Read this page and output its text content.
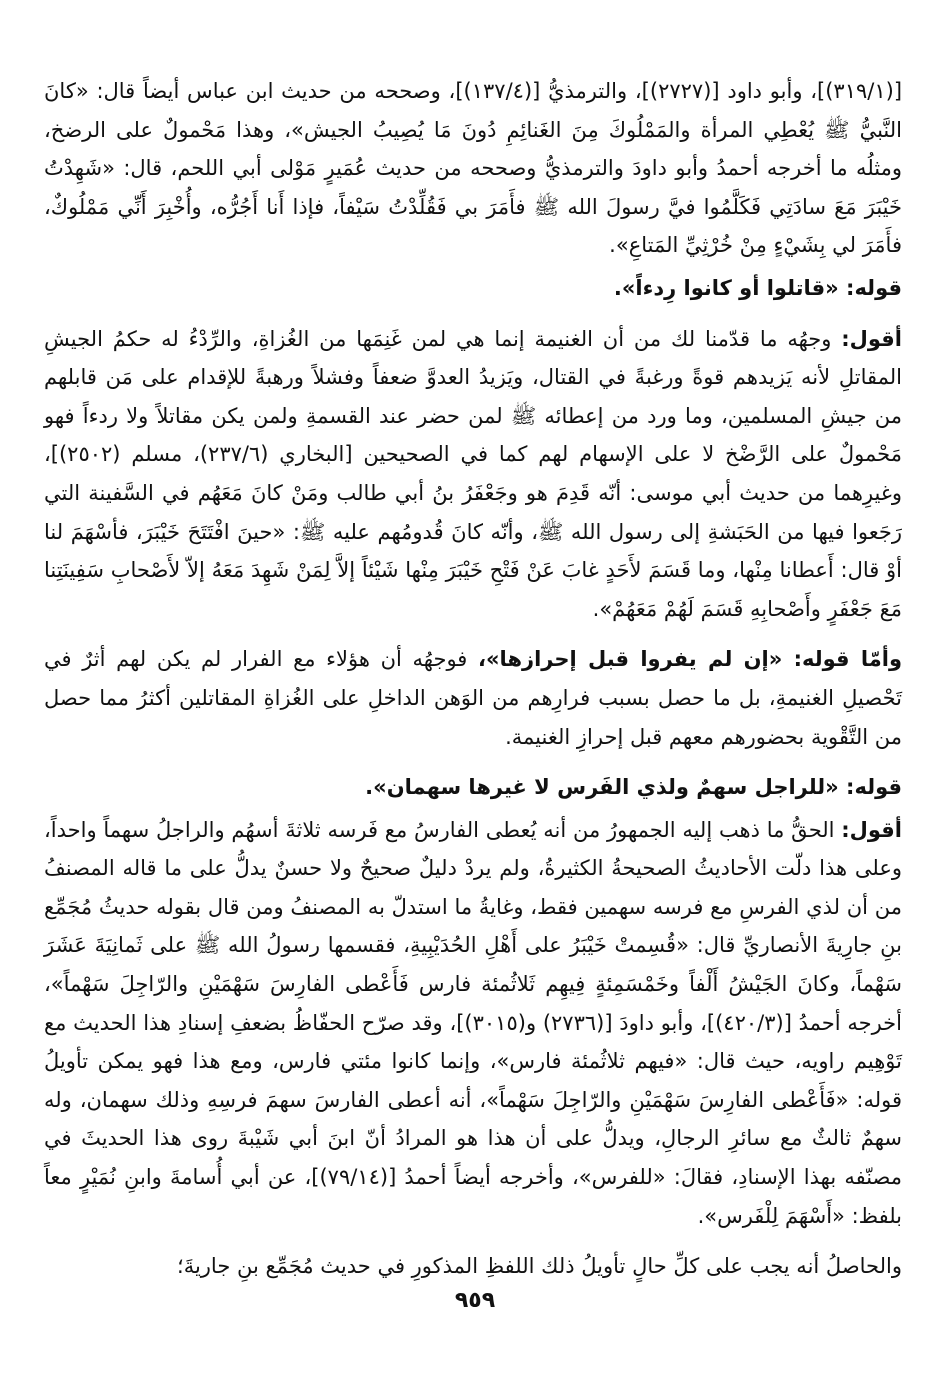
[(٣١٩/١)]، وأبو داود [(٢٧٢٧)]، والترمذيُّ [(١٣٧/٤)]، وصححه من حديث ابن عباس أيضاً قال: «كانَ النَّبيُّ ﷺ يُعْطِي المرأة والمَمْلُوكَ مِنَ الغَنائِمِ دُونَ مَا يُصِيبُ الجيش»، وهذا مَحْمولٌ على الرضخ، ومثلُه ما أخرجه أحمدُ وأبو داودَ والترمذيُّ وصححه من حديث عُمَيرٍ مَوْلى أبي اللحم، قال: «شَهِدْتُ خَيْبَرَ مَعَ سادَتِي فَكَلَّمُوا فيَّ رسولَ الله ﷺ فأَمَرَ بي فَقُلِّدْتُ سَيْفاً، فإذا أَنا أَجُرُّه، وأُخْبِرَ أَنِّي مَمْلُوكٌ، فأَمَرَ لي بِشَيْءٍ مِنْ خُرْثِيِّ المَتاعِ».

قوله: «قاتلوا أو كانوا رِدءاً».

أقول: وجهُه ما قدّمنا لك من أن الغنيمة إنما هي لمن غَنِمَها من الغُزاةِ، والرِّدْءُ له حكمُ الجيشِ المقاتلِ لأنه يَزيدهم قوةً ورغبةً في القتال، ويَزيدُ العدوَّ ضعفاً وفشلاً ورهبةً للإقدام على مَن قابلهم من جيشِ المسلمين، وما ورد من إعطائه ﷺ لمن حضر عند القسمةِ ولمن يكن مقاتلاً ولا ردءاً فهو مَحْمولٌ على الرَّضْخ لا على الإسهام لهم كما في الصحيحين [البخاري (٢٣٧/٦)، مسلم (٢٥٠٢)]، وغيرِهما من حديث أبي موسى: أنّه قَدِمَ هو وجَعْفَرُ بنُ أبي طالب ومَنْ كانَ مَعَهُم في السَّفينة التي رَجَعوا فيها من الحَبَشةِ إلى رسول الله ﷺ، وأنّه كانَ قُدومُهم عليه ﷺ: «حينَ افْتَتَحَ خَيْبَرَ، فأسْهَمَ لنا أوْ قال: أَعطانا مِنْها، وما قَسَمَ لأَحَدٍ غابَ عَنْ فَتْحِ خَيْبَرَ مِنْها شَيْئاً إلاَّ لِمَنْ شَهِدَ مَعَهُ إلاّ لأَصْحابِ سَفِينَتِنا مَعَ جَعْفَرٍ وأَصْحابِهِ قَسَمَ لَهُمْ مَعَهُمْ».

وأمّا قوله: «إن لم يفروا قبل إحرازها»، فوجهُه أن هؤلاء مع الفرار لم يكن لهم أثرٌ في تَحْصيلِ الغنيمةِ، بل ما حصل بسبب فرارِهم من الوَهن الداخلِ على الغُزاةِ المقاتلين أكثرُ مما حصل من التَّقْوية بحضورهم معهم قبل إحرازِ الغنيمة.

قوله: «للراجل سهمٌ ولذي الفَرس لا غيرها سهمان».

أقول: الحقُّ ما ذهب إليه الجمهورُ من أنه يُعطى الفارسُ مع فَرسه ثلاثةَ أسهُم والراجلُ سهماً واحداً، وعلى هذا دلّت الأحاديثُ الصحيحةُ الكثيرةُ، ولم يردْ دليلٌ صحيحٌ ولا حسنٌ يدلُّ على ما قاله المصنفُ من أن لذي الفرسِ مع فرسه سهمين فقط، وغايةُ ما استدلّ به المصنفُ ومن قال بقوله حديثُ مُجَمِّع بنِ جارِيةَ الأنصاريِّ قال: «قُسِمتْ خَيْبَرُ على أَهْلِ الحُدَيْبِيةِ، فقسمها رسولُ الله ﷺ على ثَمانِيَةَ عَشَرَ سَهْماً، وكانَ الجَيْشُ أَلْفاً وخَمْسَمِئةٍ فِيهِم ثَلاثُمئة فارس فَأَعْطى الفارِسَ سَهْمَيْنِ والرّاجِلَ سَهْماً»، أخرجه أحمدُ [(٤٢٠/٣)]، وأبو داودَ [(٢٧٣٦) و(٣٠١٥)]، وقد صرّح الحفّاظُ بضعفِ إسنادِ هذا الحديث مع تَوْهِيم راويه، حيث قال: «فيهم ثلاثُمئة فارس»، وإنما كانوا مئتي فارس، ومع هذا فهو يمكن تأويلُ قوله: «فَأَعْطى الفارِسَ سَهْمَيْنِ والرّاجِلَ سَهْماً»، أنه أعطى الفارسَ سهمَ فرسِهِ وذلك سهمان، وله سهمٌ ثالثٌ مع سائرِ الرجالِ، ويدلُّ على أن هذا هو المرادُ أنّ ابنَ أبي شَيْبةَ روى هذا الحديثَ في مصنّفه بهذا الإسنادِ، فقالَ: «للفرس»، وأخرجه أيضاً أحمدُ [(٧٩/١٤)]، عن أبي أُسامةَ وابنِ نُمَيْرٍ معاً بلفظ: «أَسْهَمَ لِلْفَرس».

والحاصلُ أنه يجب على كلِّ حالٍ تأويلُ ذلك اللفظِ المذكورِ في حديث مُجَمِّع بنِ جاريةَ؛

٩٥٩
